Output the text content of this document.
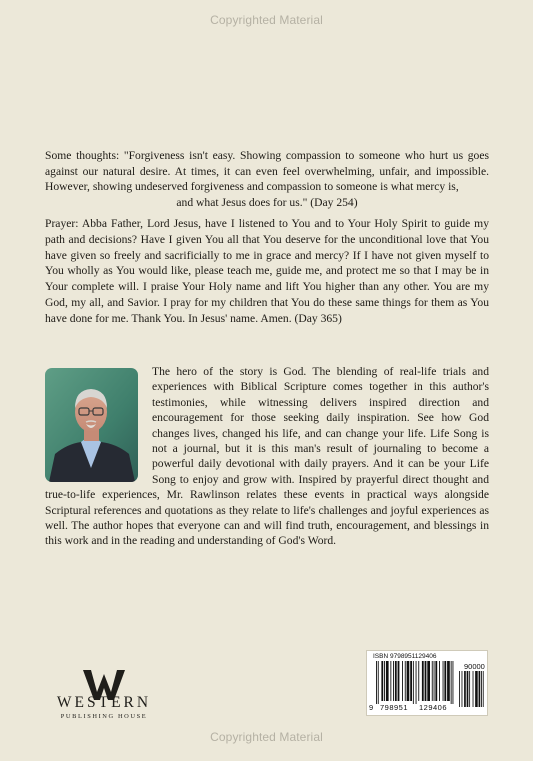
Copyrighted Material
Some thoughts: "Forgiveness isn't easy. Showing compassion to someone who hurt us goes against our natural desire. At times, it can even feel overwhelming, unfair, and impossible. However, showing undeserved forgiveness and compassion to someone is what mercy is,
and what Jesus does for us." (Day 254)
Prayer: Abba Father, Lord Jesus, have I listened to You and to Your Holy Spirit to guide my path and decisions? Have I given You all that You deserve for the unconditional love that You have given so freely and sacrificially to me in grace and mercy? If I have not given myself to You wholly as You would like, please teach me, guide me, and protect me so that I may be in Your complete will. I praise Your Holy name and lift You higher than any other. You are my God, my all, and Savior. I pray for my children that You do these same things for them as You have done for me. Thank You. In Jesus' name. Amen. (Day 365)
The hero of the story is God. The blending of real-life trials and experiences with Biblical Scripture comes together in this author's testimonies, while witnessing delivers inspired direction and encouragement for those seeking daily inspiration. See how God changes lives, changed his life, and can change your life. Life Song is not a journal, but it is this man's result of journaling to become a powerful daily devotional with daily prayers. And it can be your Life Song to enjoy and grow with. Inspired by prayerful direct thought and true-to-life experiences, Mr. Rawlinson relates these events in practical ways alongside Scriptural references and quotations as they relate to life's challenges and joyful experiences as well. The author hopes that everyone can and will find truth, encouragement, and blessings in this work and in the reading and understanding of God's Word.
WESTERN
PUBLISHING HOUSE
ISBN 9798951129406
90000
9 798951 129406
Copyrighted Material
